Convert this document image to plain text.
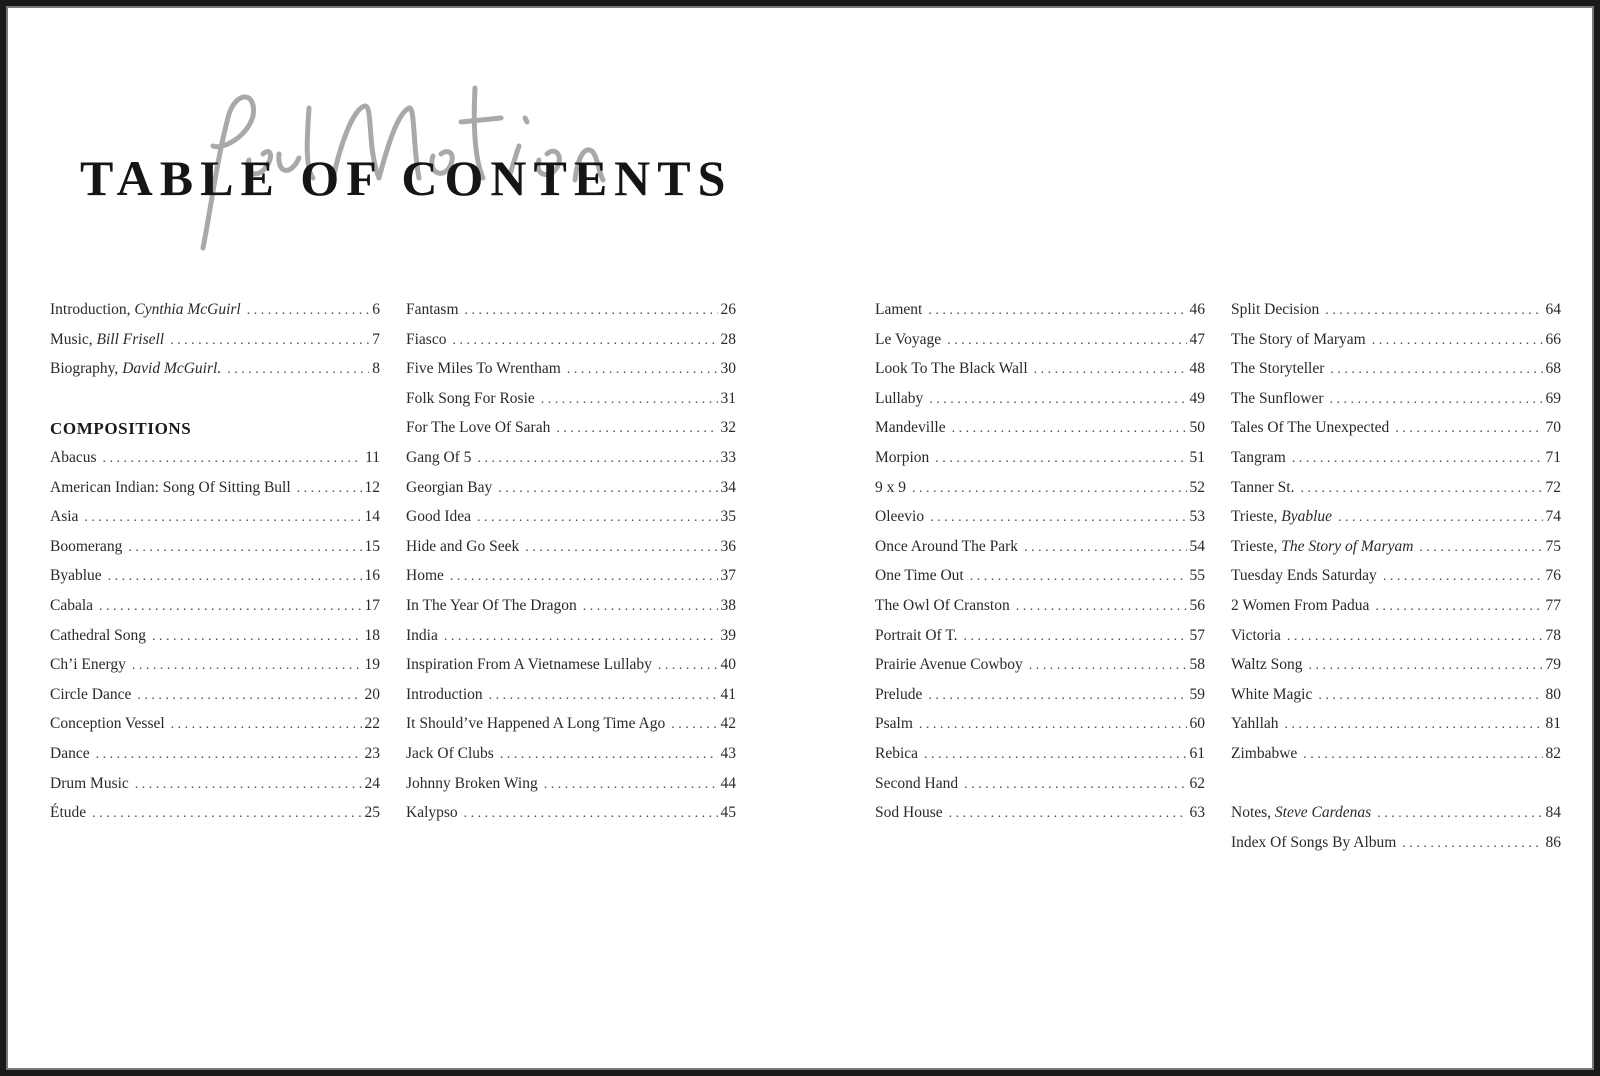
TABLE OF CONTENTS
Introduction, Cynthia McGuirl . . .	6
Music, Bill Frisell . . .	7
Biography, David McGuirl. . . .	8
COMPOSITIONS
Abacus . . .	11
American Indian: Song Of Sitting Bull . . .	12
Asia . . .	14
Boomerang . . .	15
Byablue . . .	16
Cabala . . .	17
Cathedral Song . . .	18
Ch’i Energy . . .	19
Circle Dance . . .	20
Conception Vessel . . .	22
Dance . . .	23
Drum Music . . .	24
Étude . . .	25
Fantasm . . .	26
Fiasco . . .	28
Five Miles To Wrentham . . .	30
Folk Song For Rosie . . .	31
For The Love Of Sarah . . .	32
Gang Of 5 . . .	33
Georgian Bay . . .	34
Good Idea . . .	35
Hide and Go Seek . . .	36
Home . . .	37
In The Year Of The Dragon . . .	38
India . . .	39
Inspiration From A Vietnamese Lullaby . . .	40
Introduction . . .	41
It Should’ve Happened A Long Time Ago . . .	42
Jack Of Clubs . . .	43
Johnny Broken Wing . . .	44
Kalypso . . .	45
Lament . . .	46
Le Voyage . . .	47
Look To The Black Wall . . .	48
Lullaby . . .	49
Mandeville . . .	50
Morpion . . .	51
9 x 9 . . .	52
Oleevio . . .	53
Once Around The Park . . .	54
One Time Out . . .	55
The Owl Of Cranston . . .	56
Portrait Of T. . . .	57
Prairie Avenue Cowboy . . .	58
Prelude . . .	59
Psalm . . .	60
Rebica . . .	61
Second Hand . . .	62
Sod House . . .	63
Split Decision . . .	64
The Story of Maryam . . .	66
The Storyteller . . .	68
The Sunflower . . .	69
Tales Of The Unexpected . . .	70
Tangram . . .	71
Tanner St. . . .	72
Trieste, Byablue . . .	74
Trieste, The Story of Maryam . . .	75
Tuesday Ends Saturday . . .	76
2 Women From Padua . . .	77
Victoria . . .	78
Waltz Song . . .	79
White Magic . . .	80
Yahllah . . .	81
Zimbabwe . . .	82
Notes, Steve Cardenas . . .	84
Index Of Songs By Album . . .	86
